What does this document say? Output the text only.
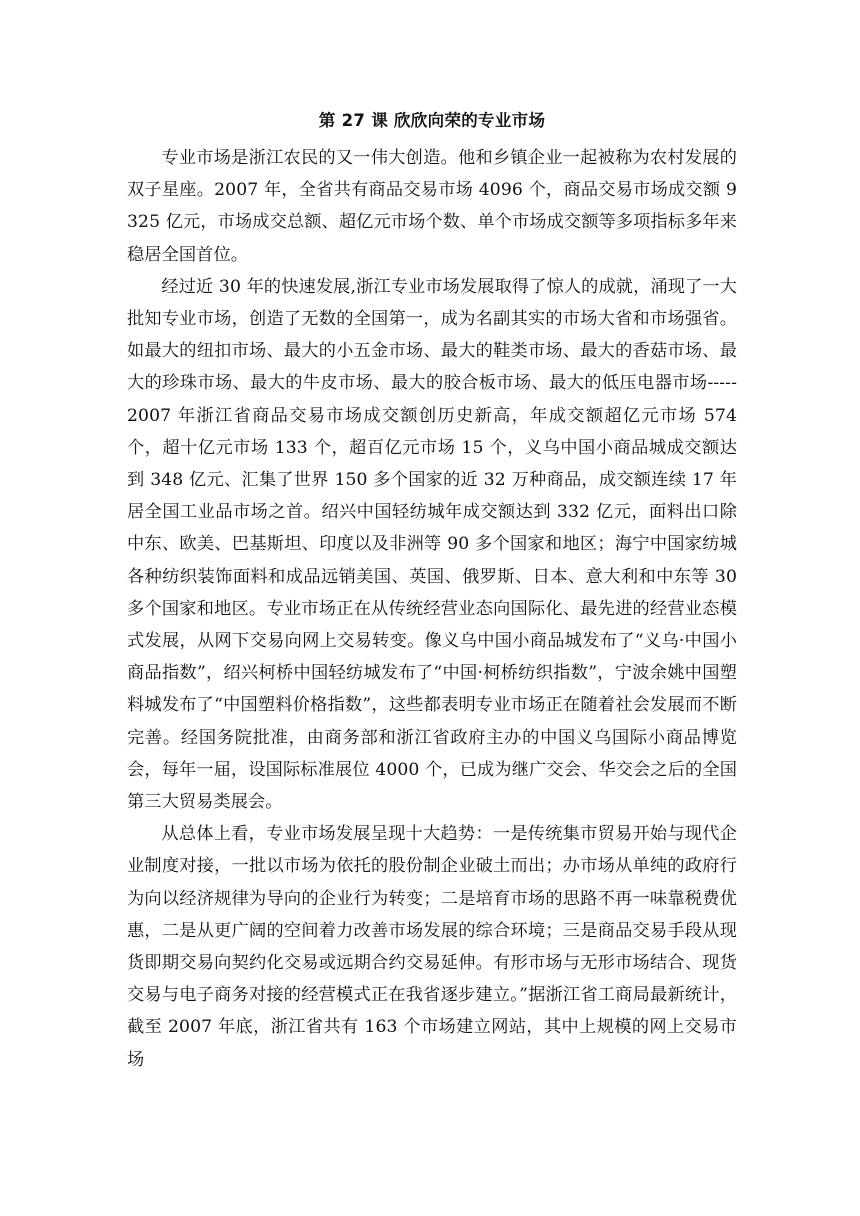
第 27 课 欣欣向荣的专业市场

专业市场是浙江农民的又一伟大创造。他和乡镇企业一起被称为农村发展的双子星座。2007 年，全省共有商品交易市场 4096 个，商品交易市场成交额 9325 亿元，市场成交总额、超亿元市场个数、单个市场成交额等多项指标多年来稳居全国首位。

经过近 30 年的快速发展,浙江专业市场发展取得了惊人的成就，涌现了一大批知专业市场，创造了无数的全国第一，成为名副其实的市场大省和市场强省。如最大的纽扣市场、最大的小五金市场、最大的鞋类市场、最大的香菇市场、最大的珍珠市场、最大的牛皮市场、最大的胶合板市场、最大的低压电器市场-----2007 年浙江省商品交易市场成交额创历史新高，年成交额超亿元市场 574 个，超十亿元市场 133 个，超百亿元市场 15 个，义乌中国小商品城成交额达到 348 亿元、汇集了世界 150 多个国家的近 32 万种商品，成交额连续 17 年居全国工业品市场之首。绍兴中国轻纺城年成交额达到 332 亿元，面料出口除中东、欧美、巴基斯坦、印度以及非洲等 90 多个国家和地区；海宁中国家纺城各种纺织装饰面料和成品远销美国、英国、俄罗斯、日本、意大利和中东等 30 多个国家和地区。专业市场正在从传统经营业态向国际化、最先进的经营业态模式发展，从网下交易向网上交易转变。像义乌中国小商品城发布了“义乌·中国小商品指数”，绍兴柯桥中国轻纺城发布了“中国·柯桥纺织指数”，宁波余姚中国塑料城发布了“中国塑料价格指数”，这些都表明专业市场正在随着社会发展而不断完善。经国务院批准，由商务部和浙江省政府主办的中国义乌国际小商品博览会，每年一届，设国际标准展位 4000 个，已成为继广交会、华交会之后的全国第三大贸易类展会。

从总体上看，专业市场发展呈现十大趋势：一是传统集市贸易开始与现代企业制度对接，一批以市场为依托的股份制企业破土而出；办市场从单纯的政府行为向以经济规律为导向的企业行为转变；二是培育市场的思路不再一味靠税费优惠，二是从更广阔的空间着力改善市场发展的综合环境；三是商品交易手段从现货即期交易向契约化交易或远期合约交易延伸。有形市场与无形市场结合、现货交易与电子商务对接的经营模式正在我省逐步建立。”据浙江省工商局最新统计，截至 2007 年底，浙江省共有 163 个市场建立网站，其中上规模的网上交易市场
